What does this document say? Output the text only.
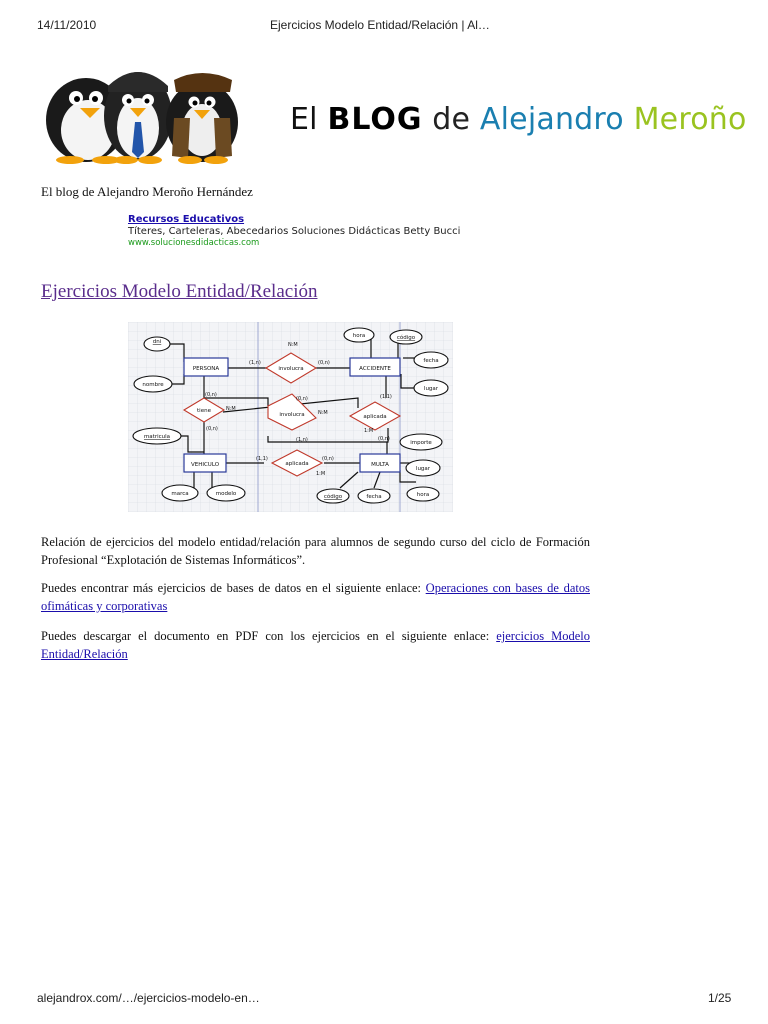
14/11/2010	Ejercicios Modelo Entidad/Relación | Al…
El BLOG de Alejandro Meroño
El blog de Alejandro Meroño Hernández
Recursos Educativos
Títeres, Carteleras, Abecedarios Soluciones Didácticas Betty Bucci
www.solucionesdidacticas.com
Ejercicios Modelo Entidad/Relación
PERSONA	ACCIDENTE
VEHICULO	MULTA
involucra
tiene
involucra	aplicada
aplicada
dni
nombre
matricula
marca	modelo
hora	código
fecha
lugar
importe
lugar
código	fecha	hora
N:M
(1,n)	(0,n)
(0,n)
N:M
(0,n)
(0,n)
N:M
(1,1)
1:M
(1,n)	(0,n)
(1,1)	(0,n)
1:M
Relación de ejercicios del modelo entidad/relación para alumnos de segundo curso del ciclo de Formación Profesional “Explotación de Sistemas Informáticos”.
Puedes encontrar más ejercicios de bases de datos en el siguiente enlace: Operaciones con bases de datos ofimáticas y corporativas
Puedes descargar el documento en PDF con los ejercicios en el siguiente enlace: ejercicios Modelo Entidad/Relación
alejandrox.com/…/ejercicios-modelo-en…	1/25
